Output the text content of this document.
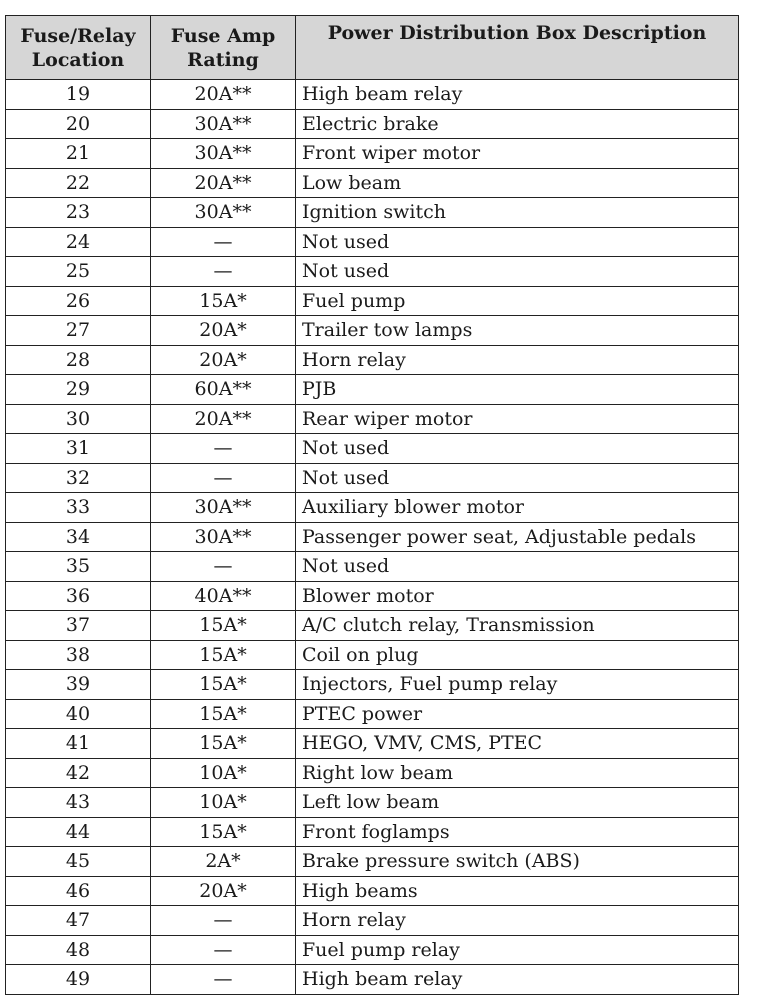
Fuse/Relay Location	Fuse Amp Rating	Power Distribution Box Description
19	20A**	High beam relay
20	30A**	Electric brake
21	30A**	Front wiper motor
22	20A**	Low beam
23	30A**	Ignition switch
24	—	Not used
25	—	Not used
26	15A*	Fuel pump
27	20A*	Trailer tow lamps
28	20A*	Horn relay
29	60A**	PJB
30	20A**	Rear wiper motor
31	—	Not used
32	—	Not used
33	30A**	Auxiliary blower motor
34	30A**	Passenger power seat, Adjustable pedals
35	—	Not used
36	40A**	Blower motor
37	15A*	A/C clutch relay, Transmission
38	15A*	Coil on plug
39	15A*	Injectors, Fuel pump relay
40	15A*	PTEC power
41	15A*	HEGO, VMV, CMS, PTEC
42	10A*	Right low beam
43	10A*	Left low beam
44	15A*	Front foglamps
45	2A*	Brake pressure switch (ABS)
46	20A*	High beams
47	—	Horn relay
48	—	Fuel pump relay
49	—	High beam relay
